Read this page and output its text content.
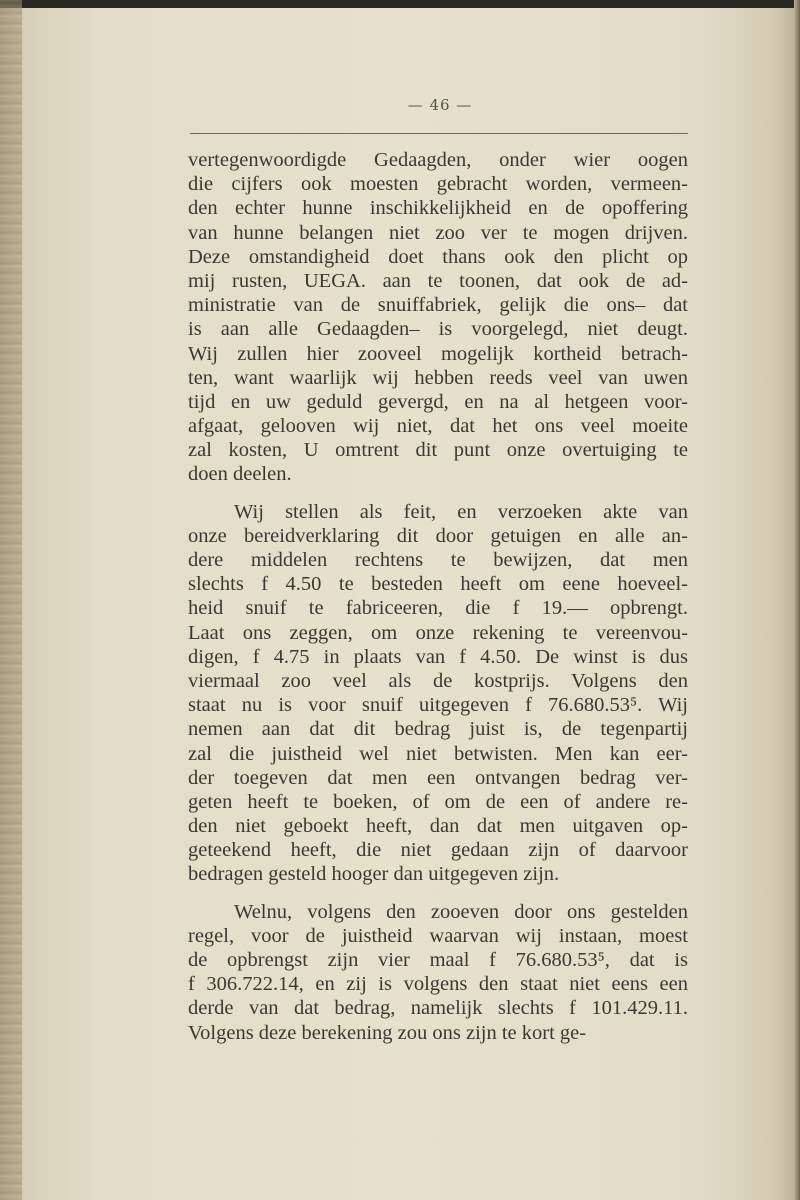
— 46 —
vertegenwoordigde Gedaagden, onder wier oogen
die cijfers ook moesten gebracht worden, vermeen-
den echter hunne inschikkelijkheid en de opoffering
van hunne belangen niet zoo ver te mogen drijven.
Deze omstandigheid doet thans ook den plicht op
mij rusten, UEGA. aan te toonen, dat ook de ad-
ministratie van de snuiffabriek, gelijk die ons– dat
is aan alle Gedaagden– is voorgelegd, niet deugt.
Wij zullen hier zooveel mogelijk kortheid betrach-
ten, want waarlijk wij hebben reeds veel van uwen
tijd en uw geduld gevergd, en na al hetgeen voor-
afgaat, gelooven wij niet, dat het ons veel moeite
zal kosten, U omtrent dit punt onze overtuiging te
doen deelen.
Wij stellen als feit, en verzoeken akte van
onze bereidverklaring dit door getuigen en alle an-
dere middelen rechtens te bewijzen, dat men
slechts f 4.50 te besteden heeft om eene hoeveel-
heid snuif te fabriceeren, die f 19.— opbrengt.
Laat ons zeggen, om onze rekening te vereenvou-
digen, f 4.75 in plaats van f 4.50. De winst is dus
viermaal zoo veel als de kostprijs. Volgens den
staat nu is voor snuif uitgegeven f 76.680.53⁵. Wij
nemen aan dat dit bedrag juist is, de tegenpartij
zal die juistheid wel niet betwisten. Men kan eer-
der toegeven dat men een ontvangen bedrag ver-
geten heeft te boeken, of om de een of andere re-
den niet geboekt heeft, dan dat men uitgaven op-
geteekend heeft, die niet gedaan zijn of daarvoor
bedragen gesteld hooger dan uitgegeven zijn.
Welnu, volgens den zooeven door ons gestelden
regel, voor de juistheid waarvan wij instaan, moest
de opbrengst zijn vier maal f 76.680.53⁵, dat is
f 306.722.14, en zij is volgens den staat niet eens een
derde van dat bedrag, namelijk slechts f 101.429.11.
Volgens deze berekening zou ons zijn te kort ge-
